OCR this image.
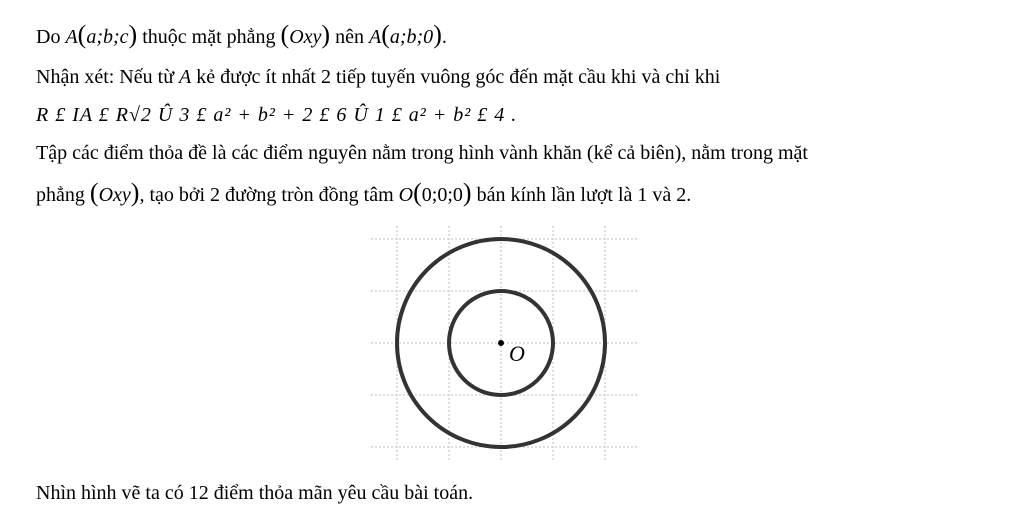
Do A(a;b;c) thuộc mặt phẳng (Oxy) nên A(a;b;0).
Nhận xét: Nếu từ A kẻ được ít nhất 2 tiếp tuyến vuông góc đến mặt cầu khi và chỉ khi
R £ IA £ R√2 Û 3 £ a² + b² + 2 £ 6 Û 1 £ a² + b² £ 4 .
Tập các điểm thỏa đề là các điểm nguyên nằm trong hình vành khăn (kể cả biên), nằm trong mặt
phẳng (Oxy), tạo bởi 2 đường tròn đồng tâm O(0;0;0) bán kính lần lượt là 1 và 2.
O
Nhìn hình vẽ ta có 12 điểm thỏa mãn yêu cầu bài toán.
